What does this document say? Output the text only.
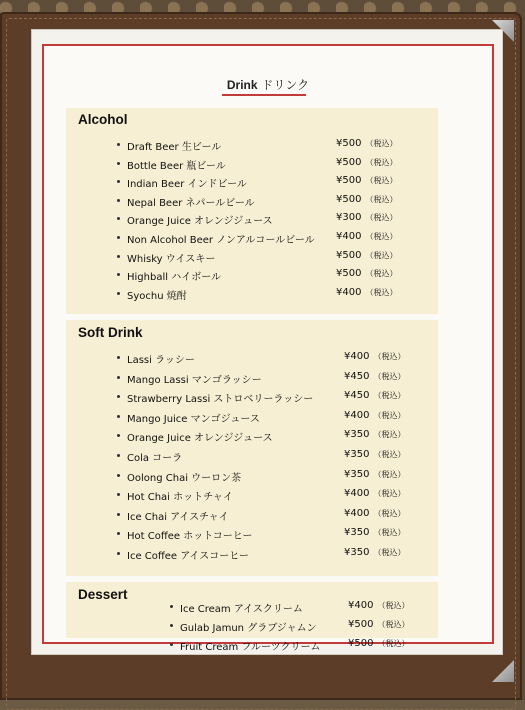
Drink ドリンク
Alcohol
Soft Drink
Dessert
Draft Beer 生ビール	¥500 （税込）
Bottle Beer 瓶ビール	¥500 （税込）
Indian Beer インドビール	¥500 （税込）
Nepal Beer ネパールビール	¥500 （税込）
Orange Juice オレンジジュース	¥300 （税込）
Non Alcohol Beer ノンアルコールビール ¥400 （税込）
Whisky ウイスキー	¥500 （税込）
Highball ハイボール	¥500 （税込）
Syochu 焼酎	¥400 （税込）
Lassi ラッシー	¥400 （税込）
Mango Lassi マンゴラッシー	¥450 （税込）
Strawberry Lassi ストロベリーラッシー	¥450 （税込）
Mango Juice マンゴジュース	¥400 （税込）
Orange Juice オレンジジュース	¥350 （税込）
Cola コーラ	¥350 （税込）
Oolong Chai ウーロン茶	¥350 （税込）
Hot Chai ホットチャイ	¥400 （税込）
Ice Chai アイスチャイ	¥400 （税込）
Hot Coffee ホットコーヒー	¥350 （税込）
Ice Coffee アイスコーヒー	¥350 （税込）
Ice Cream アイスクリーム	¥400 （税込）
Gulab Jamun グラブジャムン	¥500 （税込）
Fruit Cream フルーツクリーム	¥500 （税込）
